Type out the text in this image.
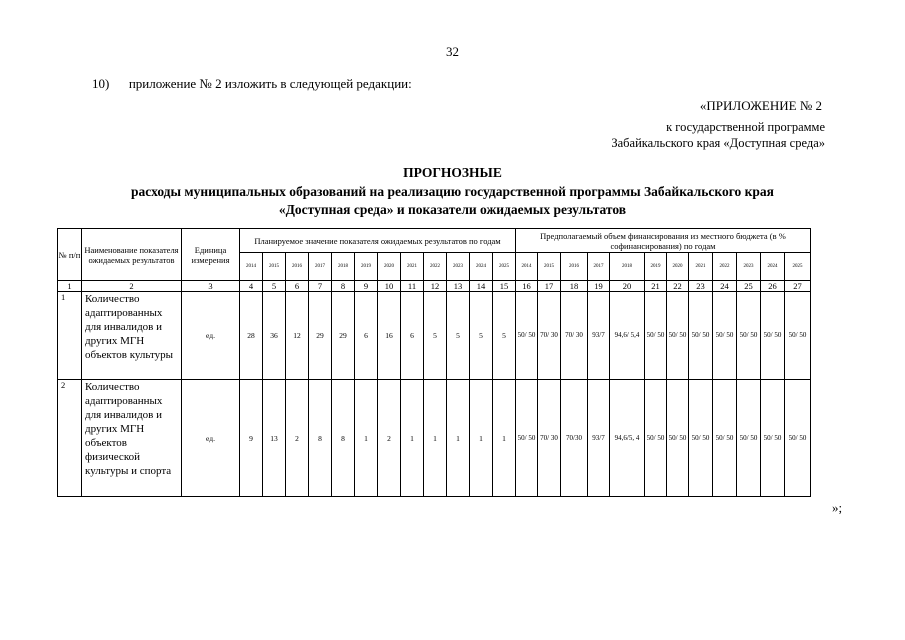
32
10)      приложение № 2 изложить в следующей редакции:
«ПРИЛОЖЕНИЕ № 2
к государственной программе
Забайкальского края «Доступная среда»
ПРОГНОЗНЫЕ
расходы муниципальных образований на реализацию государственной программы Забайкальского края
«Доступная среда» и показатели ожидаемых результатов
№ п/п	Наименование показателя ожидаемых результатов	Единица измерения	Планируемое значение показателя ожидаемых результатов по годам												Предполагаемый объем финансирования из местного бюджета (в % софинансирования) по годам											
			2014	2015	2016	2017	2018	2019	2020	2021	2022	2023	2024	2025	2014	2015	2016	2017	2018	2019	2020	2021	2022	2023	2024	2025
1	2	3	4	5	6	7	8	9	10	11	12	13	14	15	16	17	18	19	20	21	22	23	24	25	26	27
1	Количество адаптированных для инвалидов и других МГН объектов культуры	ед.	28	36	12	29	29	6	16	6	5	5	5	5	50/ 50	70/ 30	70/ 30	93/7	94,6/ 5,4	50/ 50	50/ 50	50/ 50	50/ 50	50/ 50	50/ 50	50/ 50
2	Количество адаптированных для инвалидов и других МГН объектов физической культуры и спорта	ед.	9	13	2	8	8	1	2	1	1	1	1	1	50/ 50	70/ 30	70/30	93/7	94,6/5, 4	50/ 50	50/ 50	50/ 50	50/ 50	50/ 50	50/ 50	50/ 50
»;
